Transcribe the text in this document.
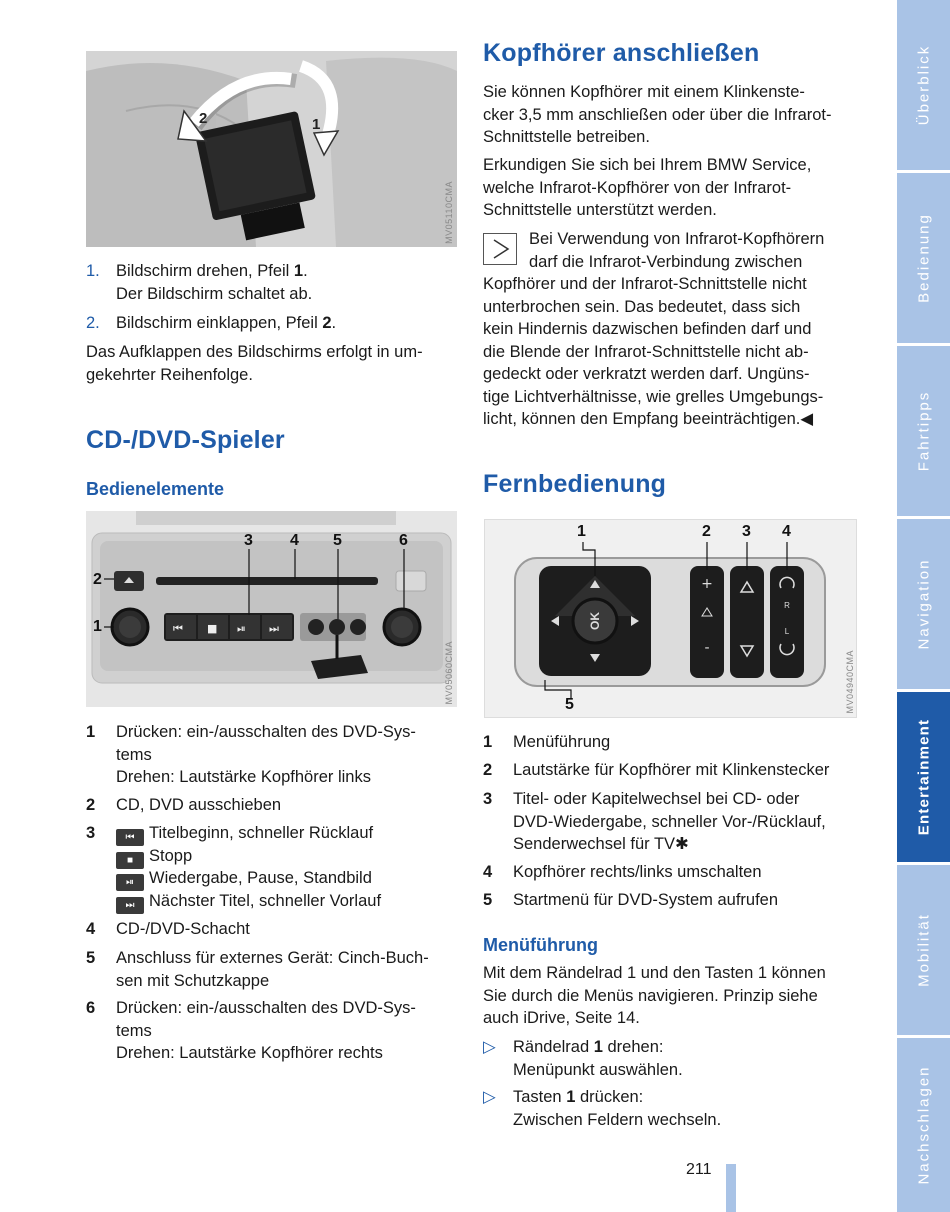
2	1
MV05110CMA
1. Bildschirm drehen, Pfeil 1.
Der Bildschirm schaltet ab.
2. Bildschirm einklappen, Pfeil 2.
Das Aufklappen des Bildschirms erfolgt in um-
gekehrter Reihenfolge.
CD-/DVD-Spieler
Bedienelemente
⏮ ■ ⏯ ⏭
3 4 5	6
2
1
MV05060CMA
1 Drücken: ein-/ausschalten des DVD-Sys-
tems
Drehen: Lautstärke Kopfhörer links
2 CD, DVD ausschieben
3	⏮ Titelbeginn, schneller Rücklauf
■ Stopp
⏯ Wiedergabe, Pause, Standbild
⏭ Nächster Titel, schneller Vorlauf
4 CD-/DVD-Schacht
5 Anschluss für externes Gerät: Cinch-Buch-
sen mit Schutzkappe
6 Drücken: ein-/ausschalten des DVD-Sys-
tems
Drehen: Lautstärke Kopfhörer rechts
Kopfhörer anschließen
Sie können Kopfhörer mit einem Klinkenste-
cker 3,5 mm anschließen oder über die Infrarot-
Schnittstelle betreiben.
Erkundigen Sie sich bei Ihrem BMW Service,
welche Infrarot-Kopfhörer von der Infrarot-
Schnittstelle unterstützt werden.
Bei Verwendung von Infrarot-Kopfhörern
darf die Infrarot-Verbindung zwischen
Kopfhörer und der Infrarot-Schnittstelle nicht
unterbrochen sein. Das bedeutet, dass sich
kein Hindernis dazwischen befinden darf und
die Blende der Infrarot-Schnittstelle nicht ab-
gedeckt oder verkratzt werden darf. Ungüns-
tige Lichtverhältnisse, wie grelles Umgebungs-
licht, können den Empfang beeinträchtigen.◀
Fernbedienung
OK
+
-
R
L
1	2 3 4
5	MV04940CMA
1 Menüführung
2 Lautstärke für Kopfhörer mit Klinkenstecker
3 Titel- oder Kapitelwechsel bei CD- oder
DVD-Wiedergabe, schneller Vor-/Rücklauf,
Senderwechsel für TV✱
4 Kopfhörer rechts/links umschalten
5 Startmenü für DVD-System aufrufen
Menüführung
Mit dem Rändelrad 1 und den Tasten 1 können
Sie durch die Menüs navigieren. Prinzip siehe
auch iDrive, Seite 14.
▷ Rändelrad 1 drehen:
Menüpunkt auswählen.
▷ Tasten 1 drücken:
Zwischen Feldern wechseln.
211
Überblick
Bedienung
Fahrtipps
Navigation
Entertainment
Mobilität
Nachschlagen
